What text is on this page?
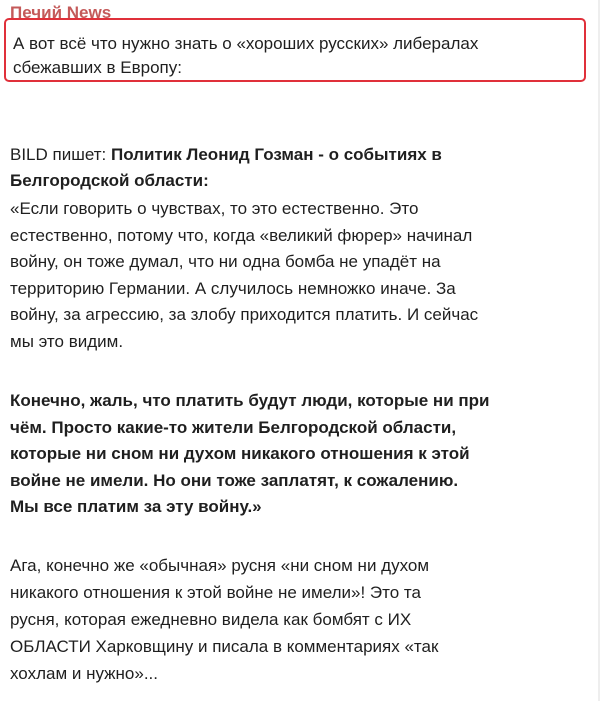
Печий News
А вот всё что нужно знать о «хороших русских» либералах
сбежавших в Европу:

BILD пишет: Политик Леонид Гозман - о событиях в
Белгородской области:

«Если говорить о чувствах, то это естественно. Это
естественно, потому что, когда «великий фюрер» начинал
войну, он тоже думал, что ни одна бомба не упадёт на
территорию Германии. А случилось немножко иначе. За
войну, за агрессию, за злобу приходится платить. И сейчас
мы это видим.
Конечно, жаль, что платить будут люди, которые ни при
чём. Просто какие-то жители Белгородской области,
которые ни сном ни духом никакого отношения к этой
войне не имели. Но они тоже заплатят, к сожалению.
Мы все платим за эту войну.»
Ага, конечно же «обычная» русня «ни сном ни духом
никакого отношения к этой войне не имели»! Это та
русня, которая ежедневно видела как бомбят с ИХ
ОБЛАСТИ Харковщину и писала в комментариях «так
хохлам и нужно»...
